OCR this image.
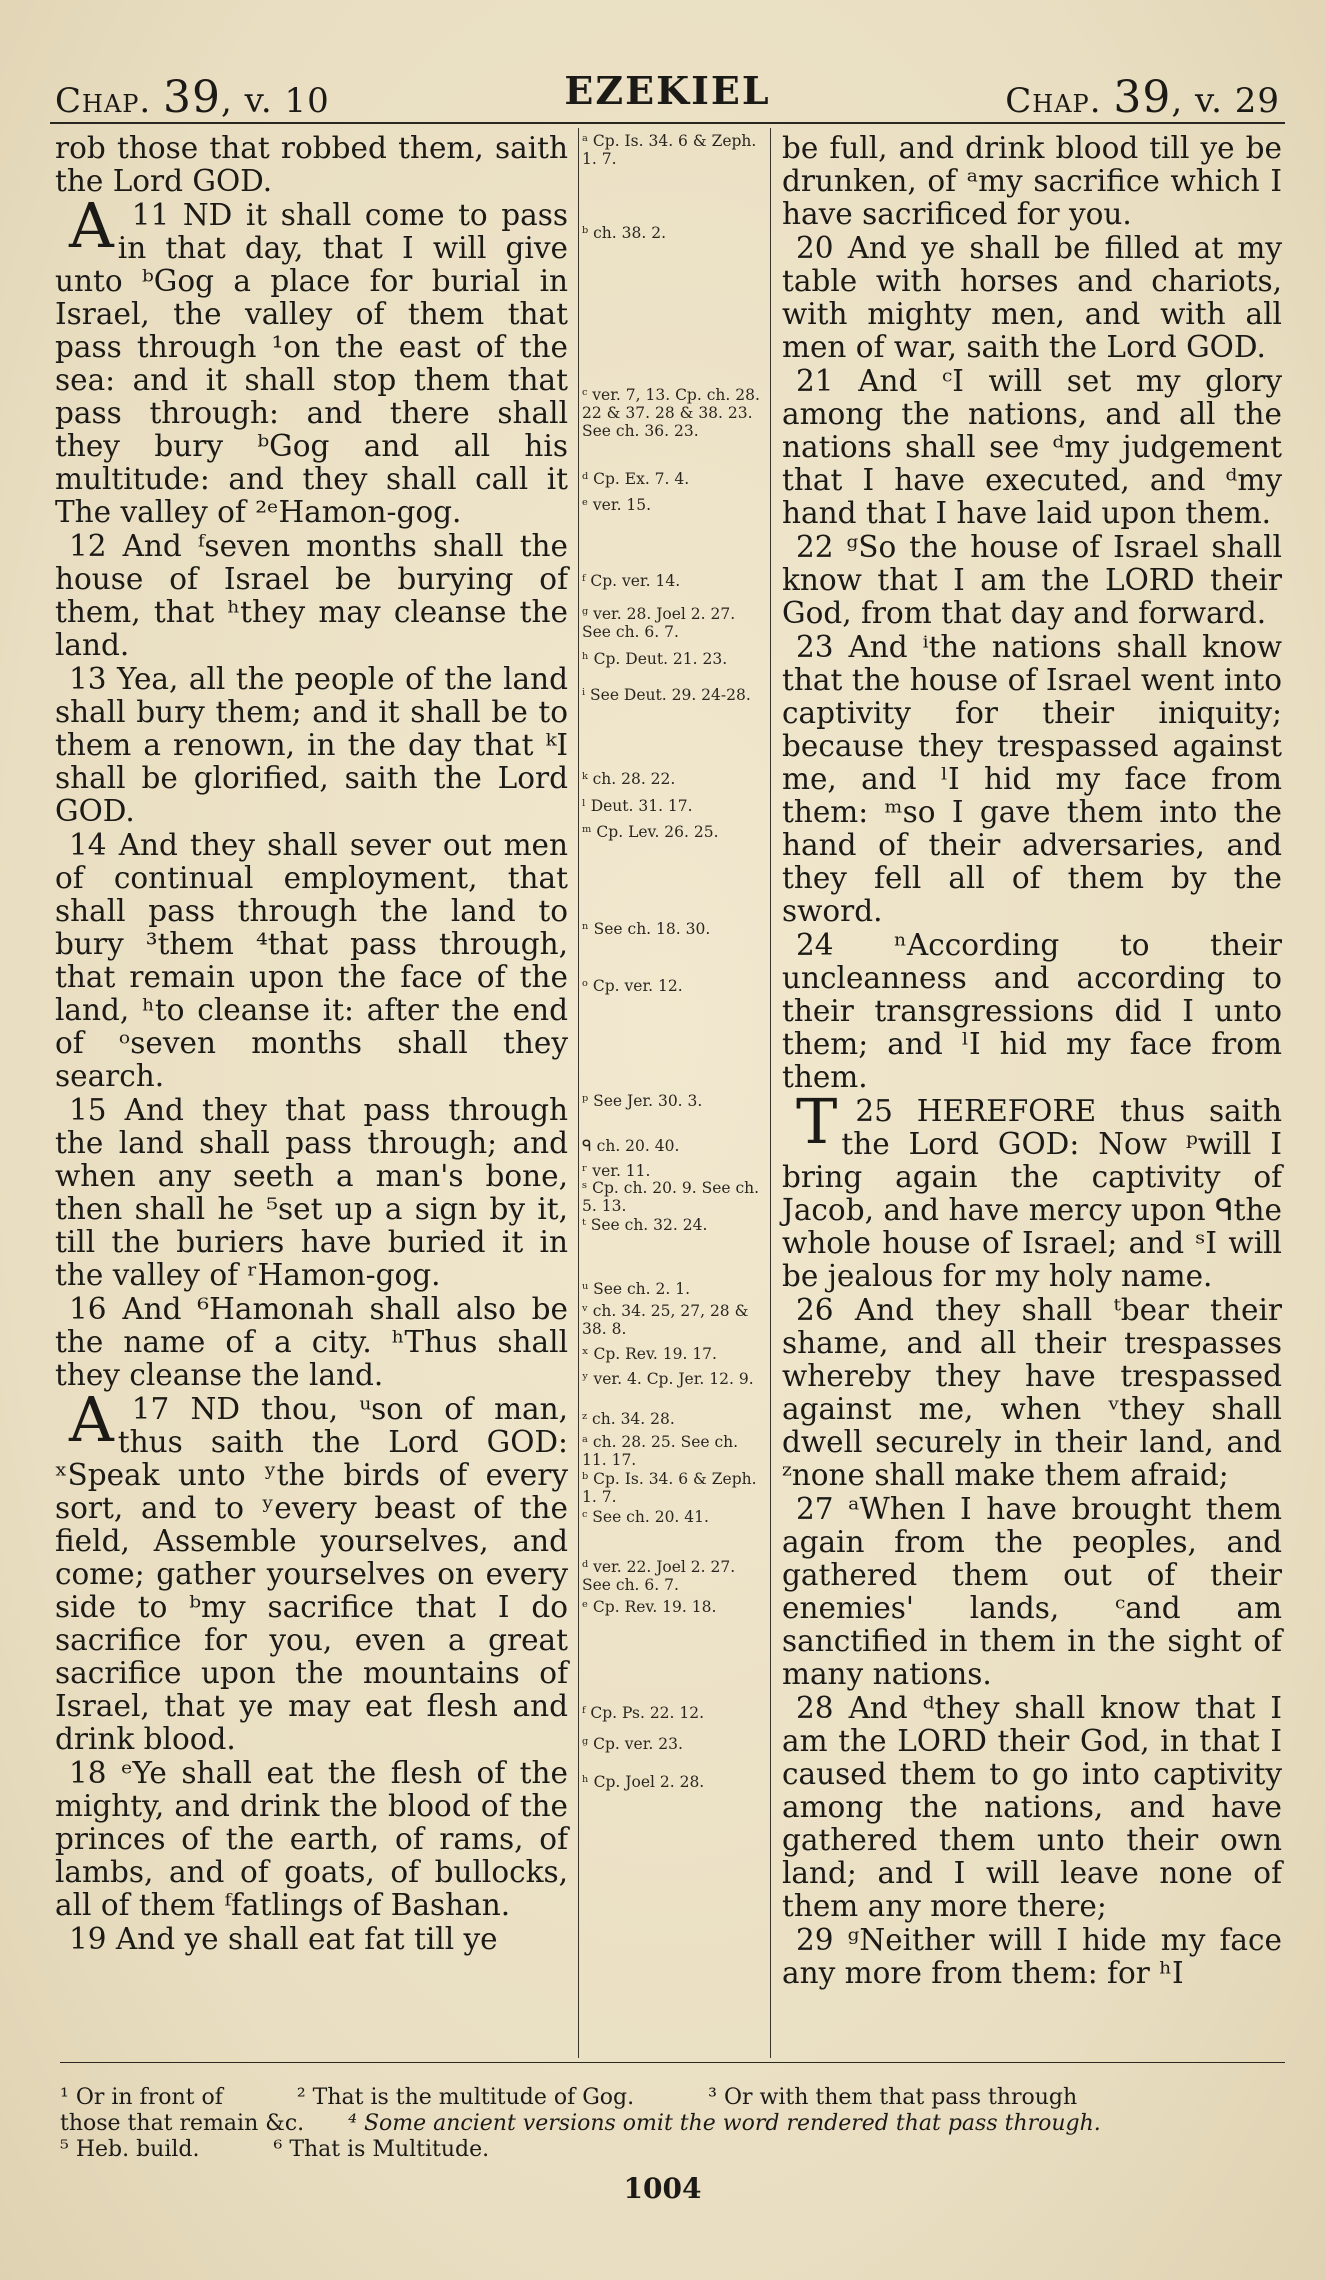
Chap. 39, v. 10	EZEKIEL	Chap. 39, v. 29

rob those that robbed them, saith the Lord GOD.

11
A ND it shall come to pass in that day, that I will give unto ᵇGog a place for burial in Israel, the valley of them that pass through ¹on the east of the sea: and it shall stop them that pass through: and there shall they bury ᵇGog and all his multitude: and they shall call it The valley of ²ᵉHamon-gog.

12 And ᶠseven months shall the house of Israel be burying of them, that ʰthey may cleanse the land.

13 Yea, all the people of the land shall bury them; and it shall be to them a renown, in the day that ᵏI shall be glorified, saith the Lord GOD.

14 And they shall sever out men of continual employment, that shall pass through the land to bury ³them ⁴that pass through, that remain upon the face of the land, ʰto cleanse it: after the end of ᵒseven months shall they search.

15 And they that pass through the land shall pass through; and when any seeth a man's bone, then shall he ⁵set up a sign by it, till the buriers have buried it in the valley of ʳHamon-gog.

16 And ⁶Hamonah shall also be the name of a city. ʰThus shall they cleanse the land.

17
A	ND thou, ᵘson of man, thus saith the Lord GOD: ˣSpeak unto ʸthe birds of every sort, and to ʸevery beast of the field, Assemble yourselves, and come; gather yourselves on every side to ᵇmy sacrifice that I do sacrifice for you, even a great sacrifice upon the mountains of Israel, that ye may eat flesh and drink blood.

18 ᵉYe shall eat the flesh of the mighty, and drink the blood of the princes of the earth, of rams, of lambs, and of goats, of bullocks, all of them ᶠfatlings of Bashan.

19 And ye shall eat fat till ye

ᵃ Cp. Is. 34. 6 & Zeph. 1. 7.
ᵇ ch. 38. 2.
ᶜ ver. 7, 13. Cp. ch. 28. 22 & 37. 28 & 38. 23. See ch. 36. 23.
ᵈ Cp. Ex. 7. 4.
ᵉ ver. 15.
ᶠ Cp. ver. 14.
ᵍ ver. 28. Joel 2. 27. See ch. 6. 7.
ʰ Cp. Deut. 21. 23.
ⁱ See Deut. 29. 24-28.
ᵏ ch. 28. 22.
ˡ Deut. 31. 17.
ᵐ Cp. Lev. 26. 25.
ⁿ See ch. 18. 30.
ᵒ Cp. ver. 12.
ᵖ See Jer. 30. 3.
ᑫ ch. 20. 40.
ʳ ver. 11.
ˢ Cp. ch. 20. 9. See ch. 5. 13.
ᵗ See ch. 32. 24.
ᵘ See ch. 2. 1.
ᵛ ch. 34. 25, 27, 28 & 38. 8.
ˣ Cp. Rev. 19. 17.
ʸ ver. 4. Cp. Jer. 12. 9.
ᶻ ch. 34. 28.
ᵃ ch. 28. 25. See ch. 11. 17.
ᵇ Cp. Is. 34. 6 & Zeph. 1. 7.
ᶜ See ch. 20. 41.
ᵈ ver. 22. Joel 2. 27. See ch. 6. 7.
ᵉ Cp. Rev. 19. 18.
ᶠ Cp. Ps. 22. 12.
ᵍ Cp. ver. 23.
ʰ Cp. Joel 2. 28.

be full, and drink blood till ye be drunken, of ᵃmy sacrifice which I have sacrificed for you.

20 And ye shall be filled at my table with horses and chariots, with mighty men, and with all men of war, saith the Lord GOD.

21 And ᶜI will set my glory among the nations, and all the nations shall see ᵈmy judgement that I have executed, and ᵈmy hand that I have laid upon them.

22 ᵍSo the house of Israel shall know that I am the LORD their God, from that day and forward.

23 And ⁱthe nations shall know that the house of Israel went into captivity for their iniquity; because they trespassed against me, and ˡI hid my face from them: ᵐso I gave them into the hand of their adversaries, and they fell all of them by the sword.

24 ⁿAccording to their uncleanness and according to their transgressions did I unto them; and ˡI hid my face from them.

25
T	HEREFORE thus saith the Lord GOD: Now ᵖwill I bring again the captivity of Jacob, and have mercy upon ᑫthe whole house of Israel; and ˢI will be jealous for my holy name.

26 And they shall ᵗbear their shame, and all their trespasses whereby they have trespassed against me, when ᵛthey shall dwell securely in their land, and ᶻnone shall make them afraid;

27 ᵃWhen I have brought them again from the peoples, and gathered them out of their enemies' lands, ᶜand am sanctified in them in the sight of many nations.

28 And ᵈthey shall know that I am the LORD their God, in that I caused them to go into captivity among the nations, and have gathered them unto their own land; and I will leave none of them any more there;

29 ᵍNeither will I hide my face any more from them: for ʰI

¹ Or in front of	² That is the multitude of Gog.	³ Or with them that pass through
those that remain &c. ⁴ Some ancient versions omit the word rendered that pass through.
⁵ Heb. build.	⁶ That is Multitude.
1004
